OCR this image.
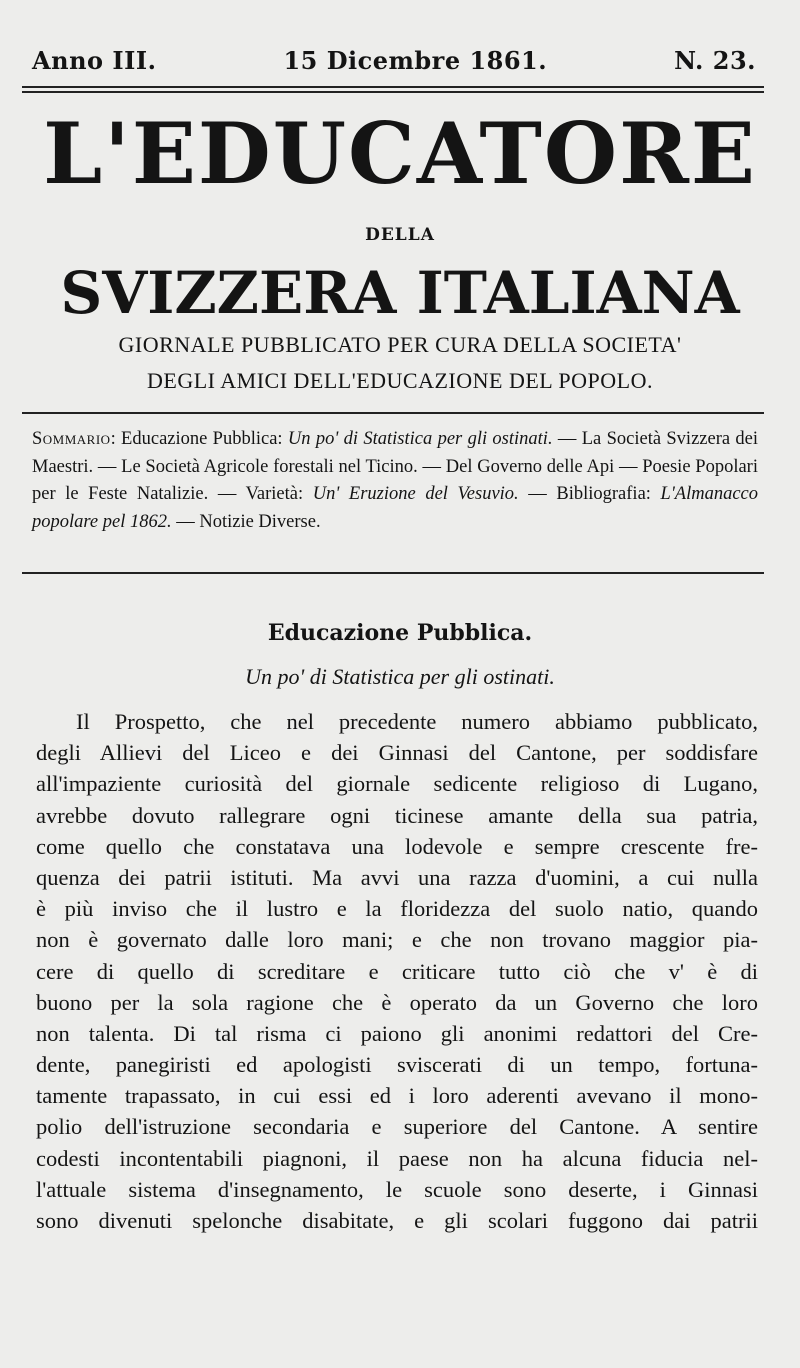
Anno III.	15 Dicembre 1861.	N. 23.
L'EDUCATORE
DELLA
SVIZZERA ITALIANA
GIORNALE PUBBLICATO PER CURA DELLA SOCIETA'
DEGLI AMICI DELL'EDUCAZIONE DEL POPOLO.
Sommario: Educazione Pubblica: Un po' di Statistica per gli ostinati. — La Società Svizzera dei Maestri. — Le Società Agricole forestali nel Ticino. — Del Governo delle Api — Poesie Popolari per le Feste Natalizie. — Varietà: Un' Eruzione del Vesuvio. — Bibliografia: L'Almanacco popolare pel 1862. — Notizie Diverse.
Educazione Pubblica.
Un po' di Statistica per gli ostinati.
Il Prospetto, che nel precedente numero abbiamo pubblicato,
degli Allievi del Liceo e dei Ginnasi del Cantone, per soddisfare
all'impaziente curiosità del giornale sedicente religioso di Lugano,
avrebbe dovuto rallegrare ogni ticinese amante della sua patria,
come quello che constatava una lodevole e sempre crescente fre-
quenza dei patrii istituti. Ma avvi una razza d'uomini, a cui nulla
è più inviso che il lustro e la floridezza del suolo natio, quando
non è governato dalle loro mani; e che non trovano maggior pia-
cere di quello di screditare e criticare tutto ciò che v' è di
buono per la sola ragione che è operato da un Governo che loro
non talenta. Di tal risma ci paiono gli anonimi redattori del Cre-
dente, panegiristi ed apologisti sviscerati di un tempo, fortuna-
tamente trapassato, in cui essi ed i loro aderenti avevano il mono-
polio dell'istruzione secondaria e superiore del Cantone. A sentire
codesti incontentabili piagnoni, il paese non ha alcuna fiducia nel-
l'attuale sistema d'insegnamento, le scuole sono deserte, i Ginnasi
sono divenuti spelonche disabitate, e gli scolari fuggono dai patrii
